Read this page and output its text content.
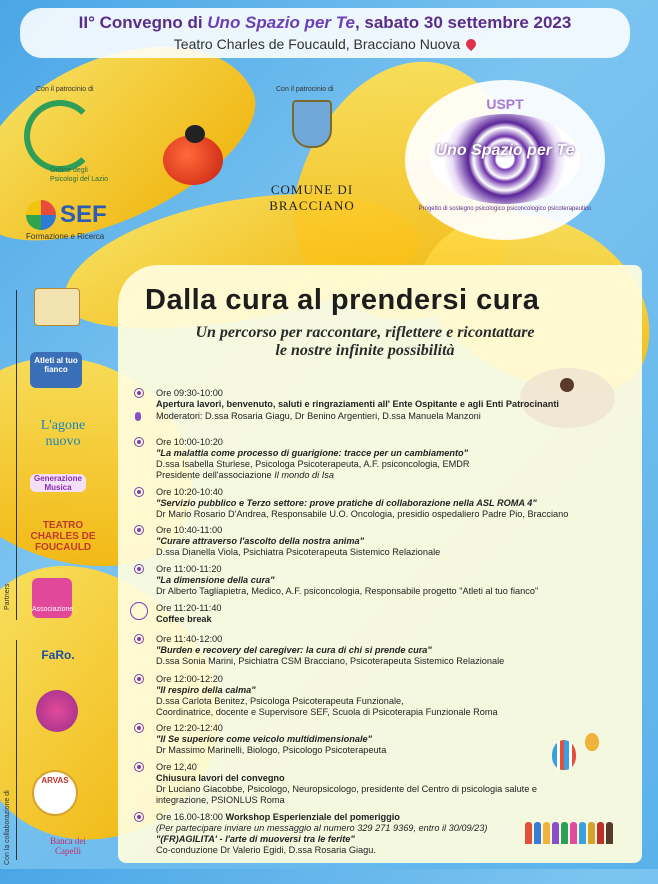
II° Convegno di Uno Spazio per Te, sabato 30 settembre 2023
Teatro Charles de Foucauld, Bracciano Nuova
Con il patrocinio di	Con il patrocinio di
Ordine degli Psicologi del Lazio
SEF
Formazione e Ricerca
COMUNE DI
BRACCIANO
USPT
Uno Spazio per Te
Progetto di sostegno psicologico psiconcologico psicoterapeutico
Partners
Con la collaborazione di
Atleti al tuo fianco
L'agone nuovo
Generazione Musica
TEATRO CHARLES DE FOUCAULD
Associazione
FaRo.
ARVAS
Banca dei Capelli
Dalla cura al prendersi cura
Un percorso per raccontare, riflettere e ricontattare
le nostre infinite possibilità
Ore 09:30-10:00
Apertura lavori, benvenuto, saluti e ringraziamenti all' Ente Ospitante e agli Enti Patrocinanti
Moderatori: D.ssa Rosaria Giagu, Dr Benino Argentieri, D.ssa Manuela Manzoni
Ore 10:00-10:20
"La malattia come processo di guarigione: tracce per un cambiamento"
D.ssa Isabella Sturlese, Psicologa Psicoterapeuta, A.F. psiconcologia, EMDR
Presidente dell'associazione Il mondo di Isa
Ore 10:20-10:40
"Servizio pubblico e Terzo settore: prove pratiche di collaborazione nella ASL ROMA 4"
Dr Mario Rosario D'Andrea, Responsabile U.O. Oncologia, presidio ospedaliero Padre Pio, Bracciano
Ore 10:40-11:00
"Curare attraverso l'ascolto della nostra anima"
D.ssa Dianella Viola, Psichiatra Psicoterapeuta Sistemico Relazionale
Ore 11:00-11:20
"La dimensione della cura"
Dr Alberto Tagliapietra, Medico, A.F. psiconcologia, Responsabile progetto "Atleti al tuo fianco"
Ore 11:20-11:40
Coffee break
Ore 11:40-12:00
"Burden e recovery del caregiver: la cura di chi si prende cura"
D.ssa Sonia Marini, Psichiatra CSM Bracciano, Psicoterapeuta Sistemico Relazionale
Ore 12:00-12:20
"Il respiro della calma"
D.ssa Carlota Benitez, Psicologa Psicoterapeuta Funzionale,
Coordinatrice, docente e Supervisore SEF, Scuola di Psicoterapia Funzionale Roma
Ore 12:20-12:40
"Il Se superiore come veicolo multidimensionale"
Dr Massimo Marinelli, Biologo, Psicologo Psicoterapeuta
Ore 12,40
Chiusura lavori del convegno
Dr Luciano Giacobbe, Psicologo, Neuropsicologo, presidente del Centro di psicologia salute e
integrazione, PSIONLUS Roma
Ore 16.00-18:00 Workshop Esperienziale del pomeriggio
(Per partecipare inviare un messaggio al numero 329 271 9369, entro il 30/09/23)
"(FR)AGILITA' - l'arte di muoversi tra le ferite"
Co-conduzione Dr Valerio Egidi, D.ssa Rosaria Giagu.
